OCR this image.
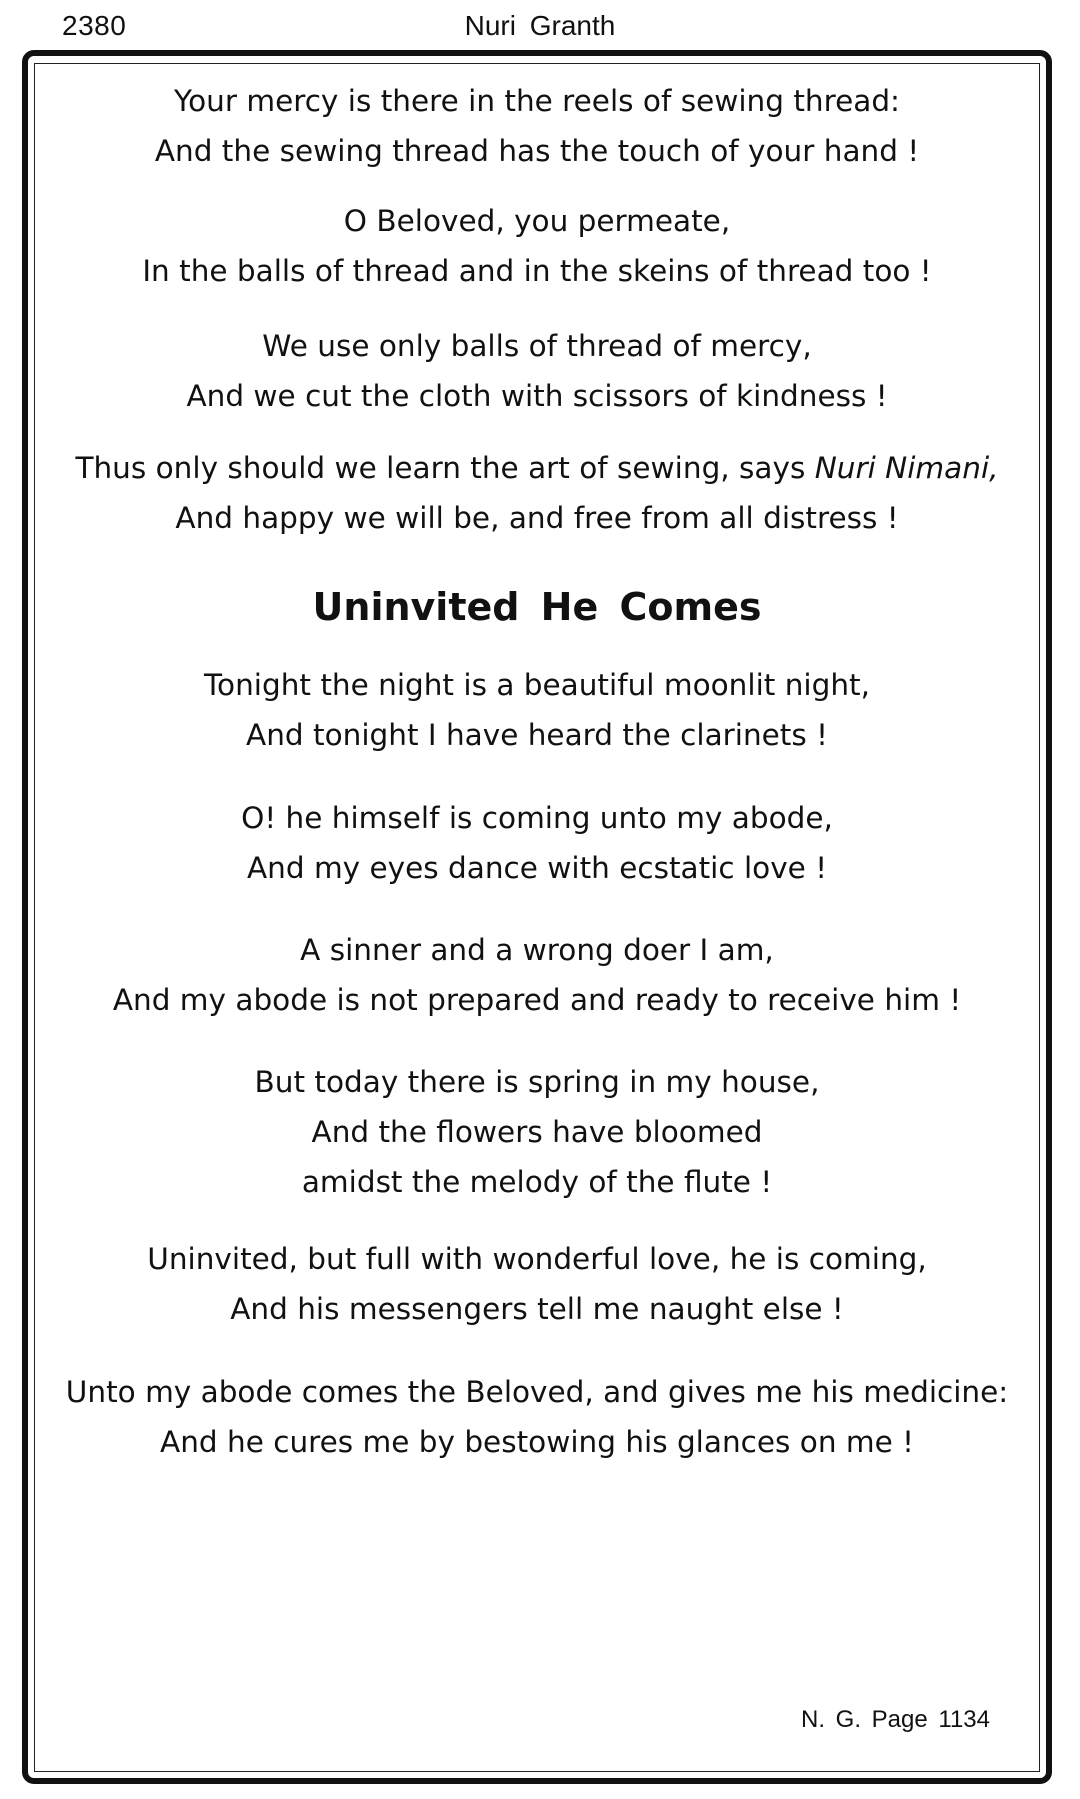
2380	Nuri Granth

Your mercy is there in the reels of sewing thread:
And the sewing thread has the touch of your hand !

O Beloved, you permeate,
In the balls of thread and in the skeins of thread too !

We use only balls of thread of mercy,
And we cut the cloth with scissors of kindness !

Thus only should we learn the art of sewing, says Nuri Nimani,
And happy we will be, and free from all distress !

Uninvited He Comes

Tonight the night is a beautiful moonlit night,
And tonight I have heard the clarinets !

O! he himself is coming unto my abode,
And my eyes dance with ecstatic love !

A sinner and a wrong doer I am,
And my abode is not prepared and ready to receive him !

But today there is spring in my house,
And the flowers have bloomed
amidst the melody of the flute !

Uninvited, but full with wonderful love, he is coming,
And his messengers tell me naught else !

Unto my abode comes the Beloved, and gives me his medicine:
And he cures me by bestowing his glances on me !

N. G. Page 1134
